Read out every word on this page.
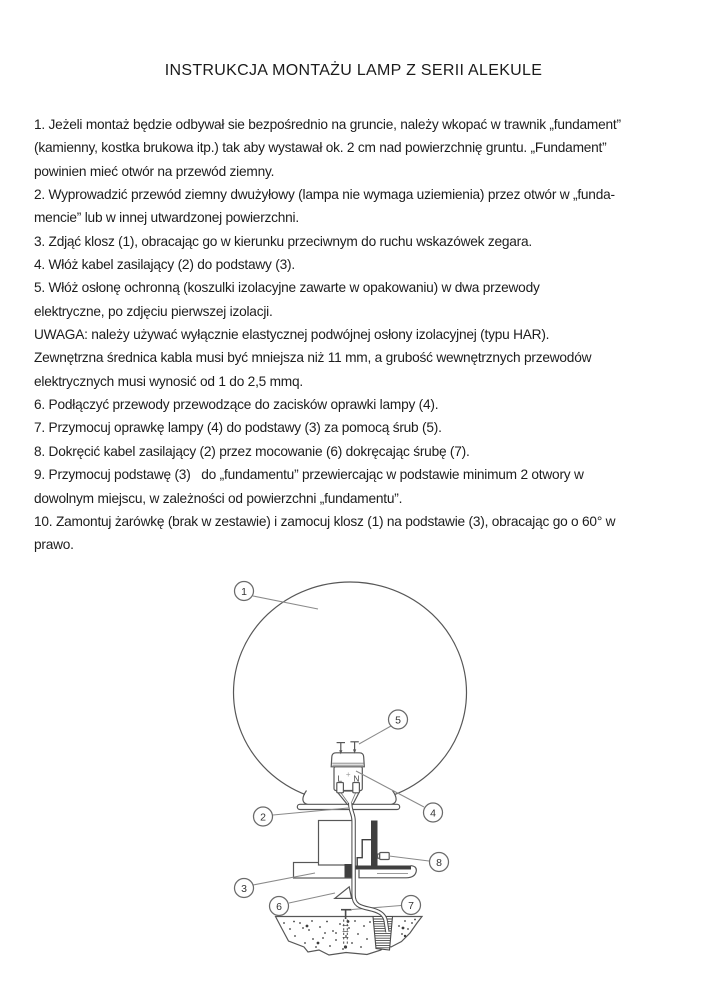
INSTRUKCJA MONTAŻU LAMP Z SERII ALEKULE
1. Jeżeli montaż będzie odbywał sie bezpośrednio na gruncie, należy wkopać w trawnik „fundament”
(kamienny, kostka brukowa itp.) tak aby wystawał ok. 2 cm nad powierzchnię gruntu. „Fundament”
powinien mieć otwór na przewód ziemny.
2. Wyprowadzić przewód ziemny dwużyłowy (lampa nie wymaga uziemienia) przez otwór w „funda-
mencie” lub w innej utwardzonej powierzchni.
3. Zdjąć klosz (1), obracając go w kierunku przeciwnym do ruchu wskazówek zegara.
4. Włóż kabel zasilający (2) do podstawy (3).
5. Włóż osłonę ochronną (koszulki izolacyjne zawarte w opakowaniu) w dwa przewody
elektryczne, po zdjęciu pierwszej izolacji.
UWAGA: należy używać wyłącznie elastycznej podwójnej osłony izolacyjnej (typu HAR).
Zewnętrzna średnica kabla musi być mniejsza niż 11 mm, a grubość wewnętrznych przewodów
elektrycznych musi wynosić od 1 do 2,5 mmq.
6. Podłączyć przewody przewodzące do zacisków oprawki lampy (4).
7. Przymocuj oprawkę lampy (4) do podstawy (3) za pomocą śrub (5).
8. Dokręcić kabel zasilający (2) przez mocowanie (6) dokręcając śrubę (7).
9. Przymocuj podstawę (3)   do „fundamentu” przewiercając w podstawie minimum 2 otwory w
dowolnym miejscu, w zależności od powierzchni „fundamentu”.
10. Zamontuj żarówkę (brak w zestawie) i zamocuj klosz (1) na podstawie (3), obracając go o 60° w
prawo.
L N
+
1
5
2	4
8
3
6	7
